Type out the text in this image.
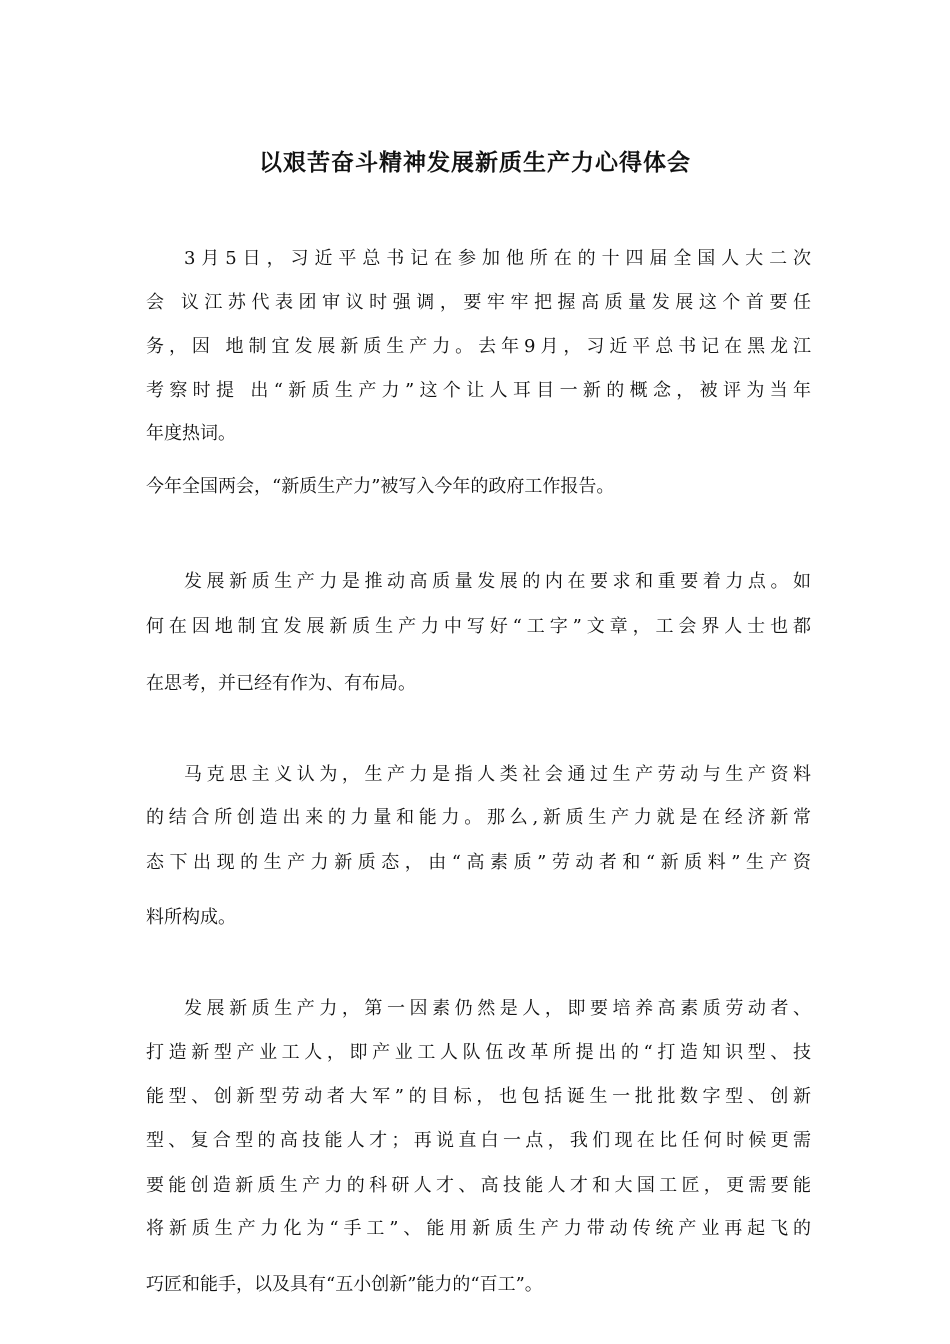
以艰苦奋斗精神发展新质生产力心得体会
3月5日，习近平总书记在参加他所在的十四届全国人大二次
会 议江苏代表团审议时强调，要牢牢把握高质量发展这个首要任
务，因 地制宜发展新质生产力。去年9月，习近平总书记在黑龙江
考察时提 出“新质生产力”这个让人耳目一新的概念，被评为当年
年度热词。
今年全国两会，“新质生产力”被写入今年的政府工作报告。
发展新质生产力是推动高质量发展的内在要求和重要着力点。如
何在因地制宜发展新质生产力中写好“工字”文章，工会界人士也都
在思考，并已经有作为、有布局。
马克思主义认为，生产力是指人类社会通过生产劳动与生产资料
的结合所创造出来的力量和能力。那么,新质生产力就是在经济新常
态下出现的生产力新质态，由“高素质”劳动者和“新质料”生产资
料所构成。
发展新质生产力，第一因素仍然是人，即要培养高素质劳动者、
打造新型产业工人，即产业工人队伍改革所提出的“打造知识型、技
能型、创新型劳动者大军”的目标，也包括诞生一批批数字型、创新
型、复合型的高技能人才；再说直白一点，我们现在比任何时候更需
要能创造新质生产力的科研人才、高技能人才和大国工匠，更需要能
将新质生产力化为“手工”、能用新质生产力带动传统产业再起飞的
巧匠和能手，以及具有“五小创新”能力的“百工”。
